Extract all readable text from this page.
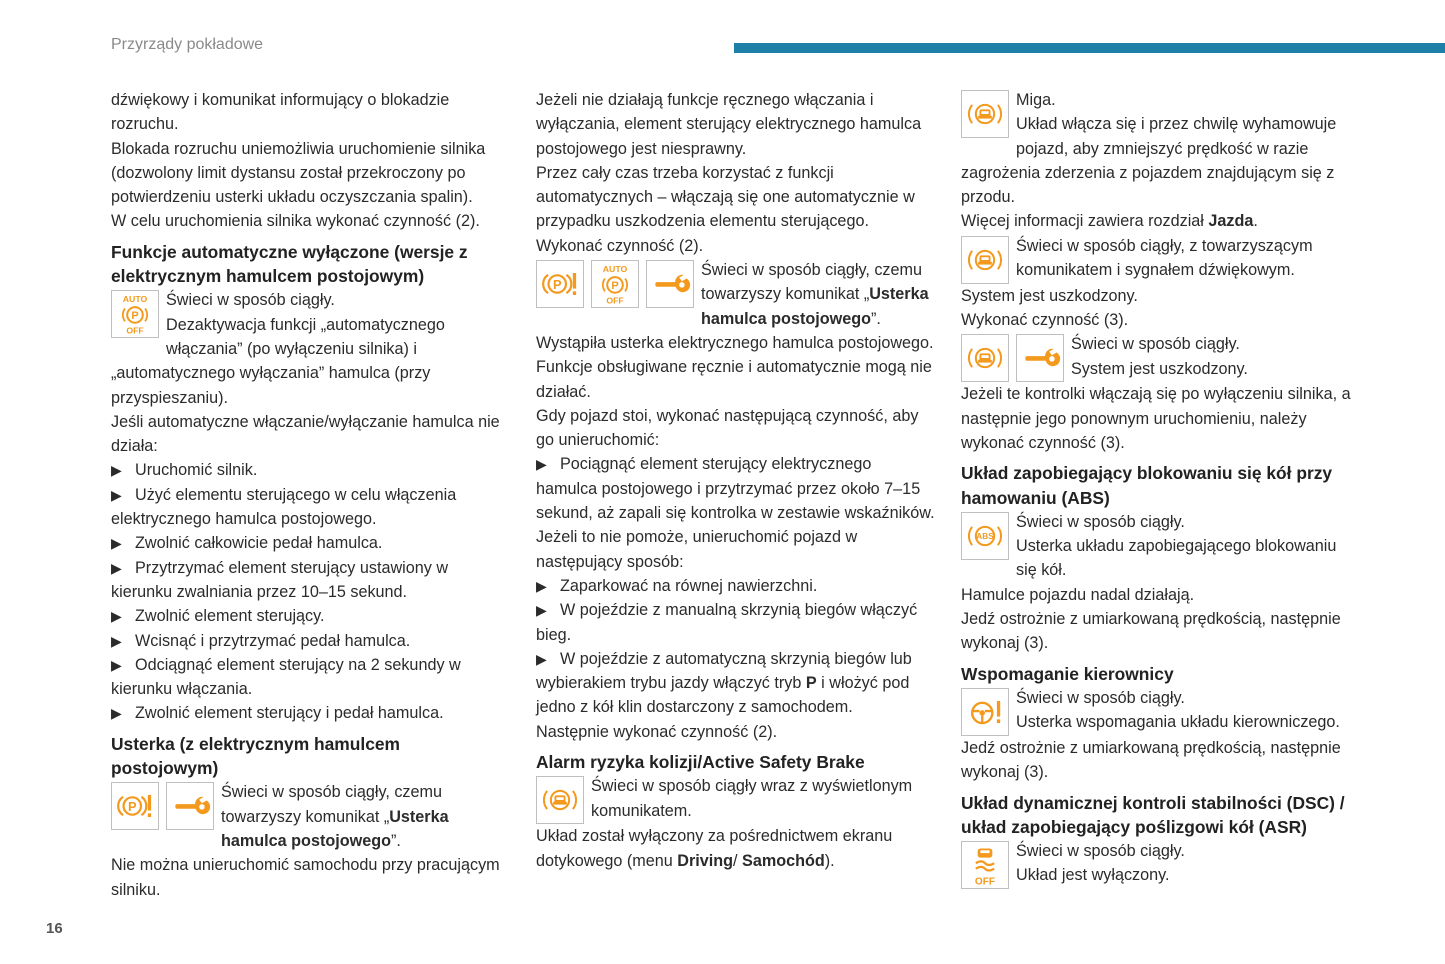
Przyrządy pokładowe

dźwiękowy i komunikat informujący o blokadzie rozruchu.

Blokada rozruchu uniemożliwia uruchomienie silnika (dozwolony limit dystansu został przekroczony po potwierdzeniu usterki układu oczyszczania spalin).

W celu uruchomienia silnika wykonać czynność (2).

Funkcje automatyczne wyłączone (wersje z elektrycznym hamulcem postojowym)

Świeci w sposób ciągły.

Dezaktywacja funkcji „automatycznego włączania” (po wyłączeniu silnika) i „automatycznego wyłączania” hamulca (przy przyspieszaniu).

Jeśli automatyczne włączanie/wyłączanie hamulca nie działa:

▶ Uruchomić silnik.

▶ Użyć elementu sterującego w celu włączenia elektrycznego hamulca postojowego.

▶ Zwolnić całkowicie pedał hamulca.

▶ Przytrzymać element sterujący ustawiony w kierunku zwalniania przez 10–15 sekund.

▶ Zwolnić element sterujący.

▶ Wcisnąć i przytrzymać pedał hamulca.

▶ Odciągnąć element sterujący na 2 sekundy w kierunku włączania.

▶ Zwolnić element sterujący i pedał hamulca.

Usterka (z elektrycznym hamulcem postojowym)

Świeci w sposób ciągły, czemu towarzyszy komunikat „Usterka hamulca postojowego”.

Nie można unieruchomić samochodu przy pracującym silniku.

Jeżeli nie działają funkcje ręcznego włączania i wyłączania, element sterujący elektrycznego hamulca postojowego jest niesprawny.

Przez cały czas trzeba korzystać z funkcji automatycznych – włączają się one automatycznie w przypadku uszkodzenia elementu sterującego.

Wykonać czynność (2).

Świeci w sposób ciągły, czemu towarzyszy komunikat „Usterka hamulca postojowego”.

Wystąpiła usterka elektrycznego hamulca postojowego.

Funkcje obsługiwane ręcznie i automatycznie mogą nie działać.

Gdy pojazd stoi, wykonać następującą czynność, aby go unieruchomić:

▶ Pociągnąć element sterujący elektrycznego hamulca postojowego i przytrzymać przez około 7–15 sekund, aż zapali się kontrolka w zestawie wskaźników.

Jeżeli to nie pomoże, unieruchomić pojazd w następujący sposób:

▶ Zaparkować na równej nawierzchni.

▶ W pojeździe z manualną skrzynią biegów włączyć bieg.

▶ W pojeździe z automatyczną skrzynią biegów lub wybierakiem trybu jazdy włączyć tryb P i włożyć pod jedno z kół klin dostarczony z samochodem.

Następnie wykonać czynność (2).

Alarm ryzyka kolizji/Active Safety Brake

Świeci w sposób ciągły wraz z wyświetlonym komunikatem.

Układ został wyłączony za pośrednictwem ekranu dotykowego (menu Driving/ Samochód).

Miga.

Układ włącza się i przez chwilę wyhamowuje pojazd, aby zmniejszyć prędkość w razie zagrożenia zderzenia z pojazdem znajdującym się z przodu.

Więcej informacji zawiera rozdział Jazda.

Świeci w sposób ciągły, z towarzyszącym komunikatem i sygnałem dźwiękowym.

System jest uszkodzony.

Wykonać czynność (3).

Świeci w sposób ciągły.

System jest uszkodzony.

Jeżeli te kontrolki włączają się po wyłączeniu silnika, a następnie jego ponownym uruchomieniu, należy wykonać czynność (3).

Układ zapobiegający blokowaniu się kół przy hamowaniu (ABS)

Świeci w sposób ciągły.

Usterka układu zapobiegającego blokowaniu się kół.

Hamulce pojazdu nadal działają.

Jedź ostrożnie z umiarkowaną prędkością, następnie wykonaj (3).

Wspomaganie kierownicy

Świeci w sposób ciągły.

Usterka wspomagania układu kierowniczego.

Jedź ostrożnie z umiarkowaną prędkością, następnie wykonaj (3).

Układ dynamicznej kontroli stabilności (DSC) / układ zapobiegający poślizgowi kół (ASR)

Świeci w sposób ciągły.

Układ jest wyłączony.

16
